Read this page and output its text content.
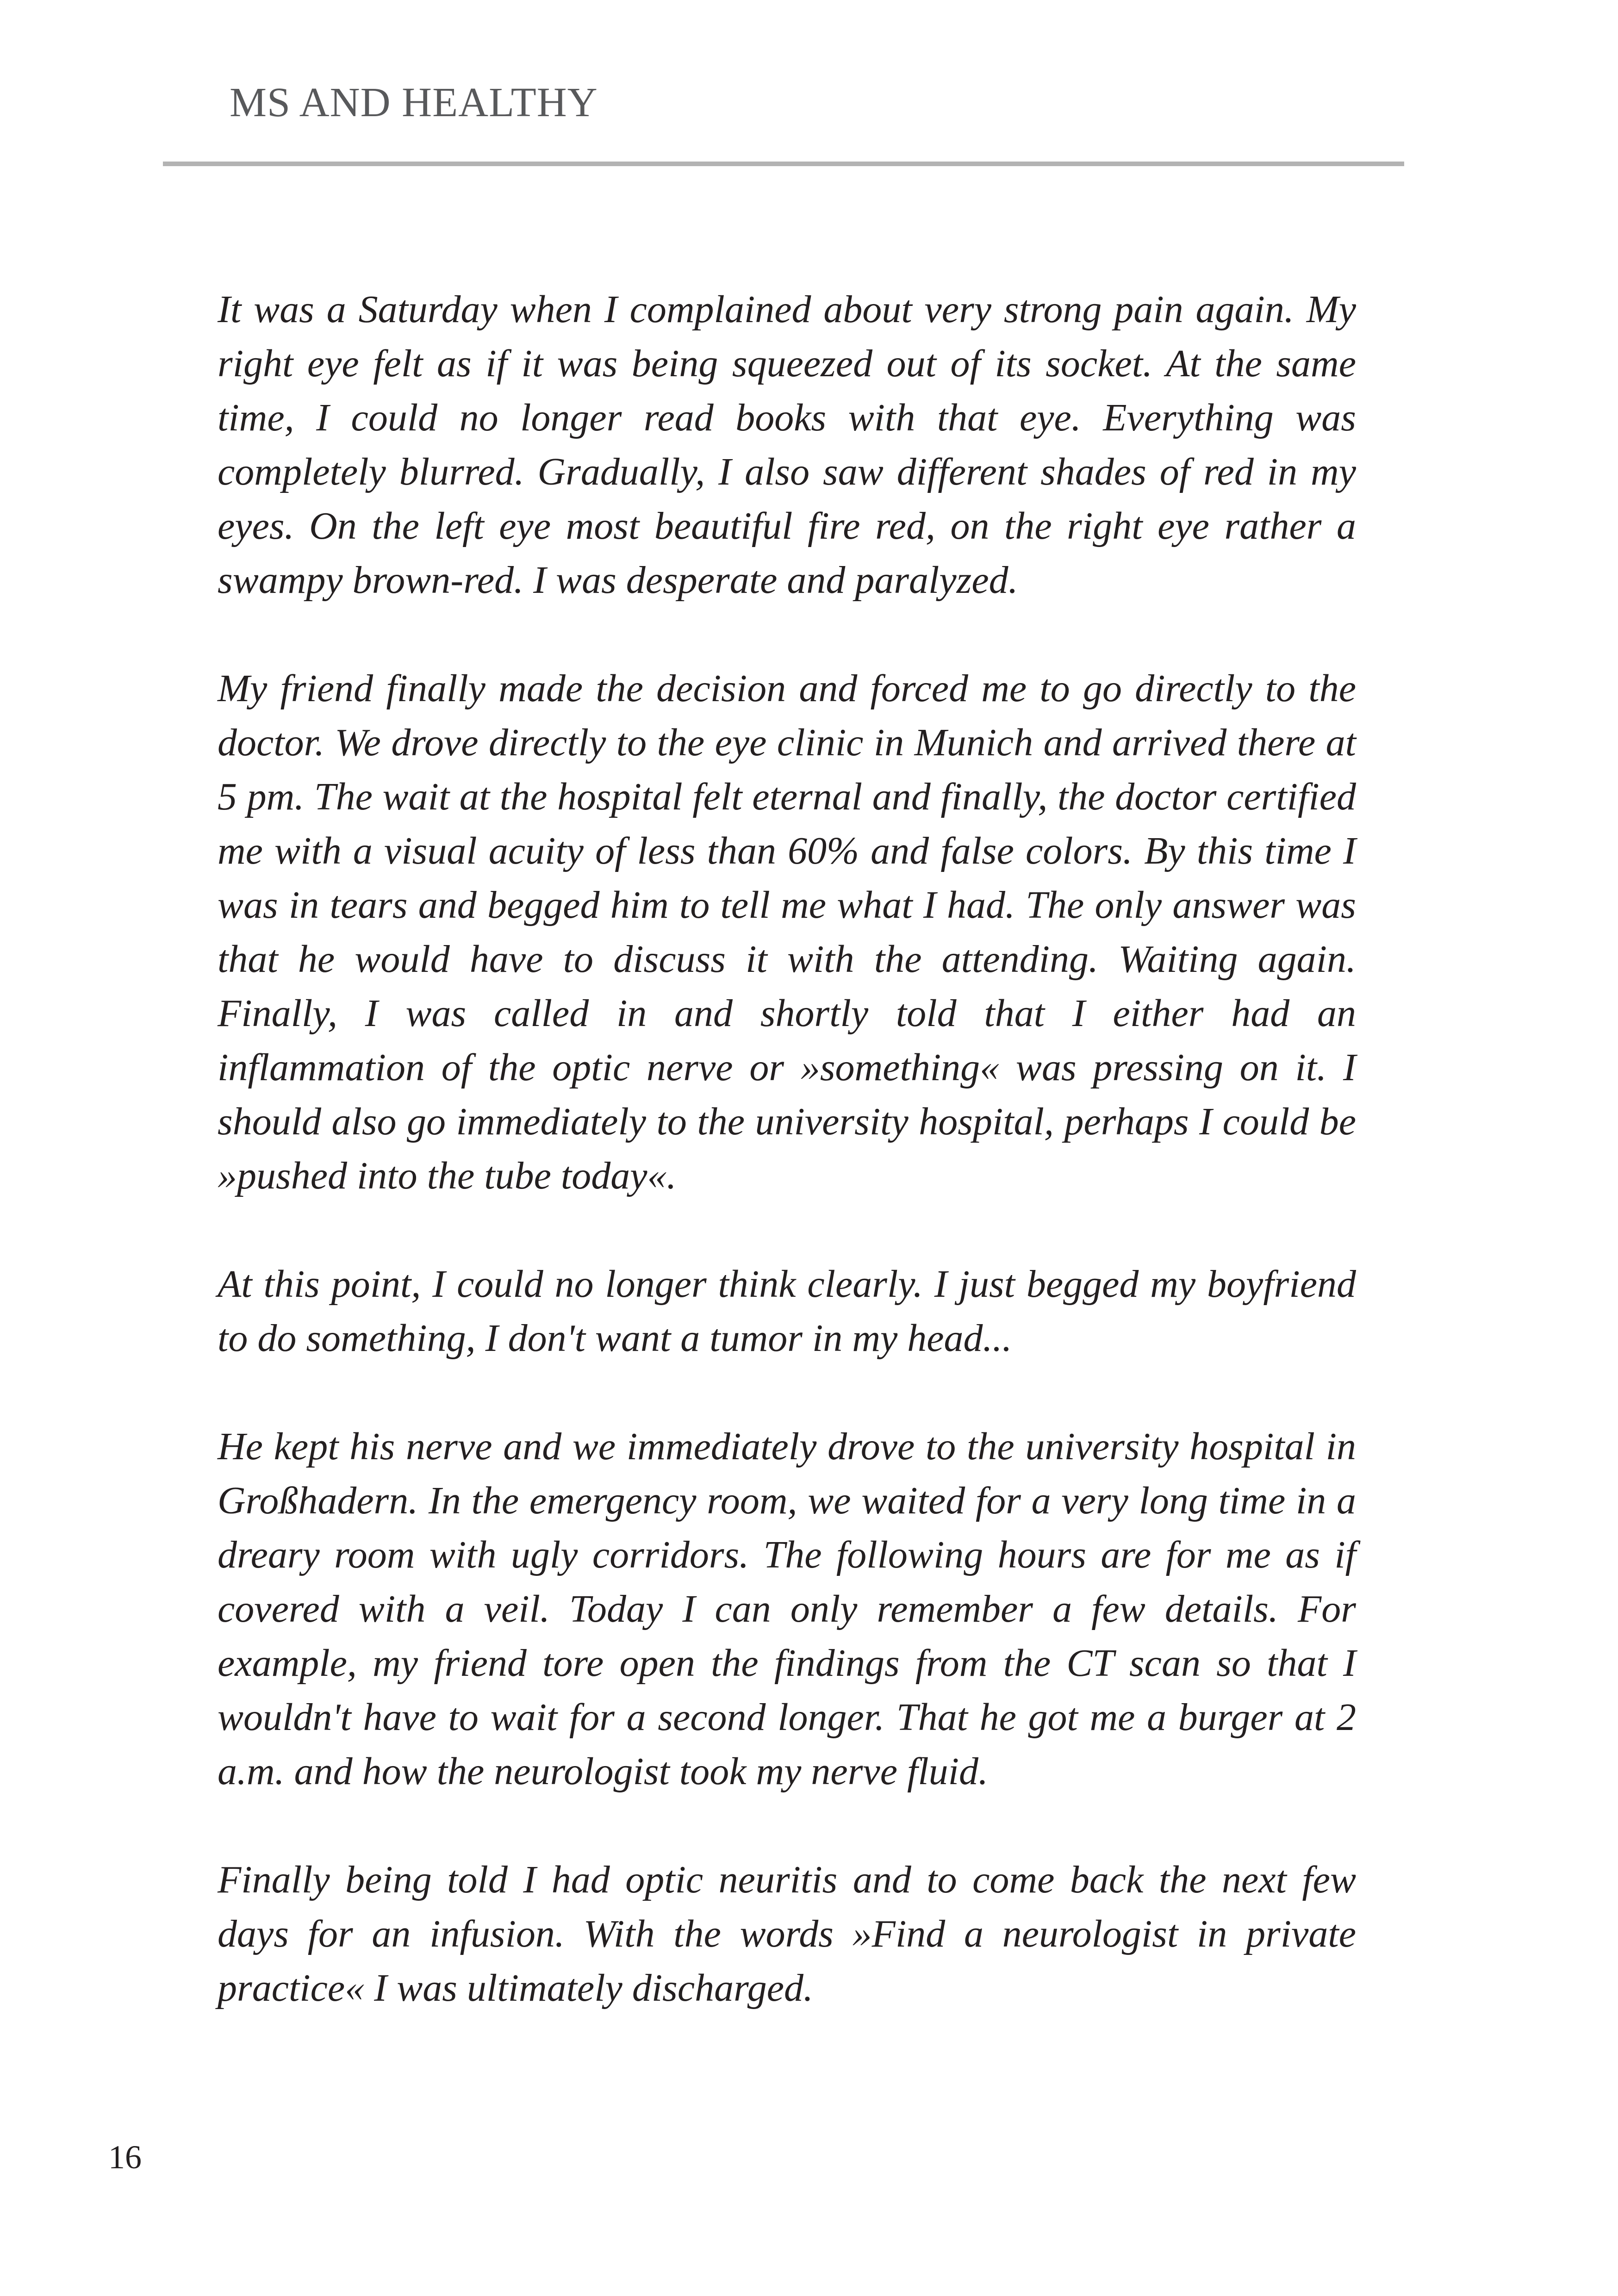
MS AND HEALTHY

It was a Saturday when I complained about very strong pain again. My right eye felt as if it was being squeezed out of its socket. At the same time, I could no longer read books with that eye. Everything was completely blurred. Gradually, I also saw different shades of red in my eyes. On the left eye most beautiful fire red, on the right eye rather a swampy brown-red. I was desperate and paralyzed.

My friend finally made the decision and forced me to go directly to the doctor. We drove directly to the eye clinic in Munich and arrived there at 5 pm. The wait at the hospital felt eternal and finally, the doctor certified me with a visual acuity of less than 60% and false colors. By this time I was in tears and begged him to tell me what I had. The only answer was that he would have to discuss it with the attending. Waiting again. Finally, I was called in and shortly told that I either had an inflammation of the optic nerve or »something« was pressing on it. I should also go immediately to the university hospital, perhaps I could be »pushed into the tube today«.

At this point, I could no longer think clearly. I just begged my boyfriend to do something, I don't want a tumor in my head...

He kept his nerve and we immediately drove to the university hospital in Großhadern. In the emergency room, we waited for a very long time in a dreary room with ugly corridors. The following hours are for me as if covered with a veil. Today I can only remember a few details. For example, my friend tore open the findings from the CT scan so that I wouldn't have to wait for a second longer. That he got me a burger at 2 a.m. and how the neurologist took my nerve fluid.

Finally being told I had optic neuritis and to come back the next few days for an infusion. With the words »Find a neurologist in private practice« I was ultimately discharged.

16
